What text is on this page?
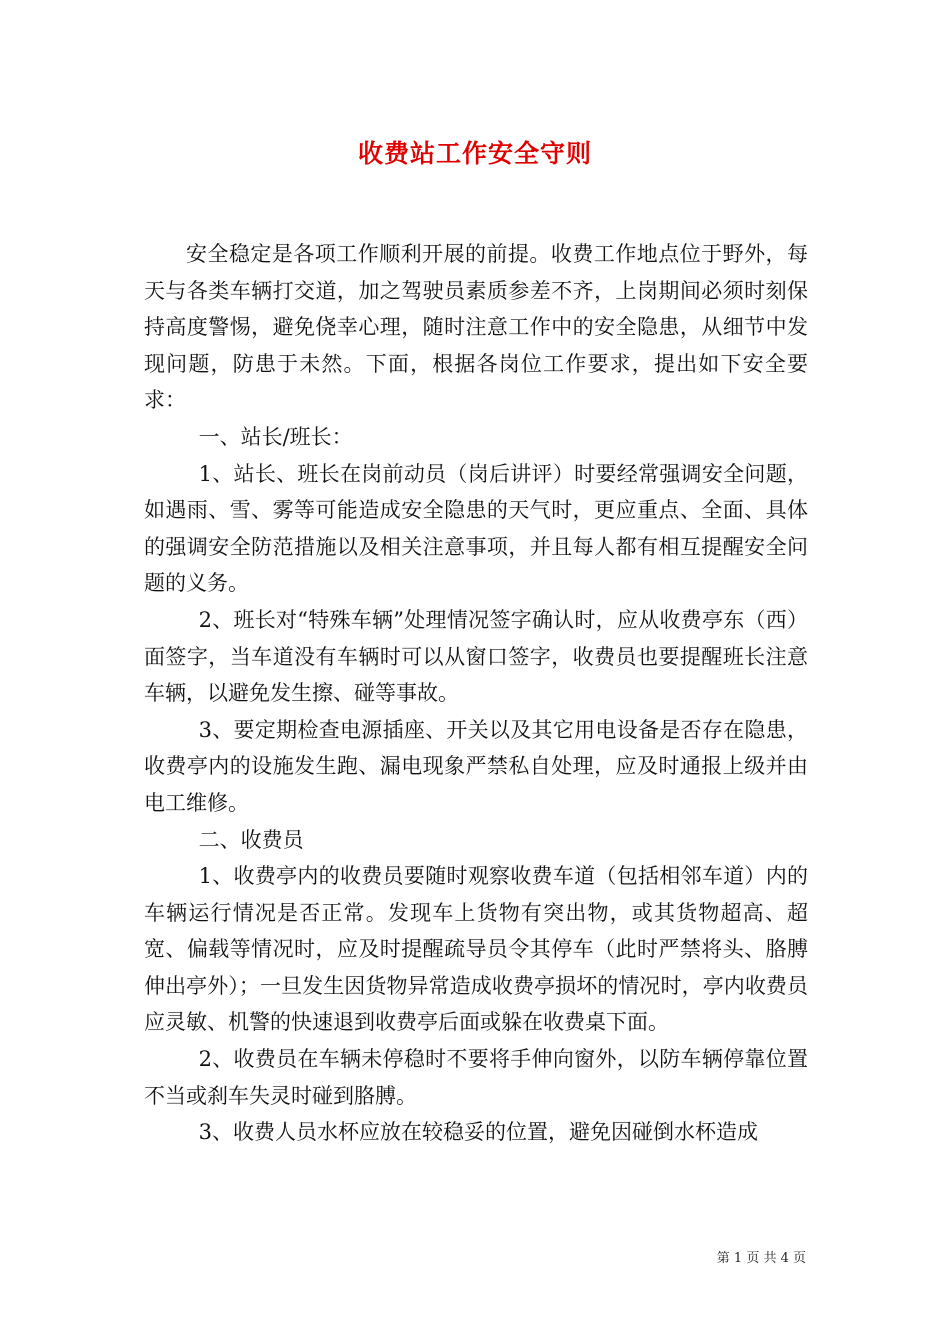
收费站工作安全守则

安全稳定是各项工作顺利开展的前提。收费工作地点位于野外，每天与各类车辆打交道，加之驾驶员素质参差不齐，上岗期间必须时刻保持高度警惕，避免侥幸心理，随时注意工作中的安全隐患，从细节中发现问题，防患于未然。下面，根据各岗位工作要求，提出如下安全要求：

一、站长/班长：

1、站长、班长在岗前动员（岗后讲评）时要经常强调安全问题，如遇雨、雪、雾等可能造成安全隐患的天气时，更应重点、全面、具体的强调安全防范措施以及相关注意事项，并且每人都有相互提醒安全问题的义务。

2、班长对“特殊车辆”处理情况签字确认时，应从收费亭东（西）面签字，当车道没有车辆时可以从窗口签字，收费员也要提醒班长注意车辆，以避免发生擦、碰等事故。

3、要定期检查电源插座、开关以及其它用电设备是否存在隐患，收费亭内的设施发生跑、漏电现象严禁私自处理，应及时通报上级并由电工维修。

二、收费员

1、收费亭内的收费员要随时观察收费车道（包括相邻车道）内的车辆运行情况是否正常。发现车上货物有突出物，或其货物超高、超宽、偏载等情况时，应及时提醒疏导员令其停车（此时严禁将头、胳膊伸出亭外）；一旦发生因货物异常造成收费亭损坏的情况时，亭内收费员应灵敏、机警的快速退到收费亭后面或躲在收费桌下面。

2、收费员在车辆未停稳时不要将手伸向窗外，以防车辆停靠位置不当或刹车失灵时碰到胳膊。

3、收费人员水杯应放在较稳妥的位置，避免因碰倒水杯造成

第 1 页 共 4 页
